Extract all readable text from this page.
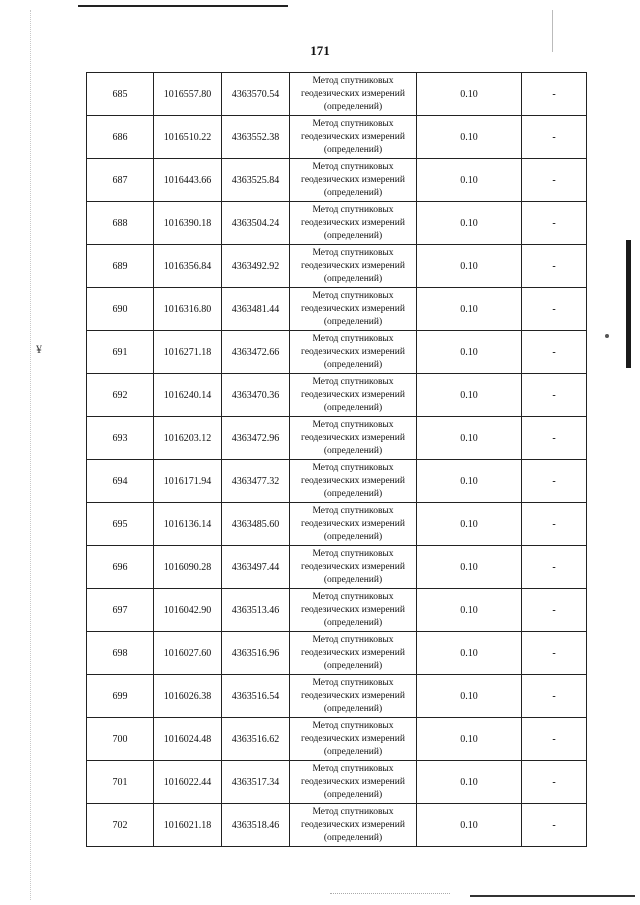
¥
171
685	1016557.80	4363570.54	Метод спутниковых
геодезических измерений
(определений)	0.10	-
686	1016510.22	4363552.38	Метод спутниковых
геодезических измерений
(определений)	0.10	-
687	1016443.66	4363525.84	Метод спутниковых
геодезических измерений
(определений)	0.10	-
688	1016390.18	4363504.24	Метод спутниковых
геодезических измерений
(определений)	0.10	-
689	1016356.84	4363492.92	Метод спутниковых
геодезических измерений
(определений)	0.10	-
690	1016316.80	4363481.44	Метод спутниковых
геодезических измерений
(определений)	0.10	-
691	1016271.18	4363472.66	Метод спутниковых
геодезических измерений
(определений)	0.10	-
692	1016240.14	4363470.36	Метод спутниковых
геодезических измерений
(определений)	0.10	-
693	1016203.12	4363472.96	Метод спутниковых
геодезических измерений
(определений)	0.10	-
694	1016171.94	4363477.32	Метод спутниковых
геодезических измерений
(определений)	0.10	-
695	1016136.14	4363485.60	Метод спутниковых
геодезических измерений
(определений)	0.10	-
696	1016090.28	4363497.44	Метод спутниковых
геодезических измерений
(определений)	0.10	-
697	1016042.90	4363513.46	Метод спутниковых
геодезических измерений
(определений)	0.10	-
698	1016027.60	4363516.96	Метод спутниковых
геодезических измерений
(определений)	0.10	-
699	1016026.38	4363516.54	Метод спутниковых
геодезических измерений
(определений)	0.10	-
700	1016024.48	4363516.62	Метод спутниковых
геодезических измерений
(определений)	0.10	-
701	1016022.44	4363517.34	Метод спутниковых
геодезических измерений
(определений)	0.10	-
702	1016021.18	4363518.46	Метод спутниковых
геодезических измерений
(определений)	0.10	-
